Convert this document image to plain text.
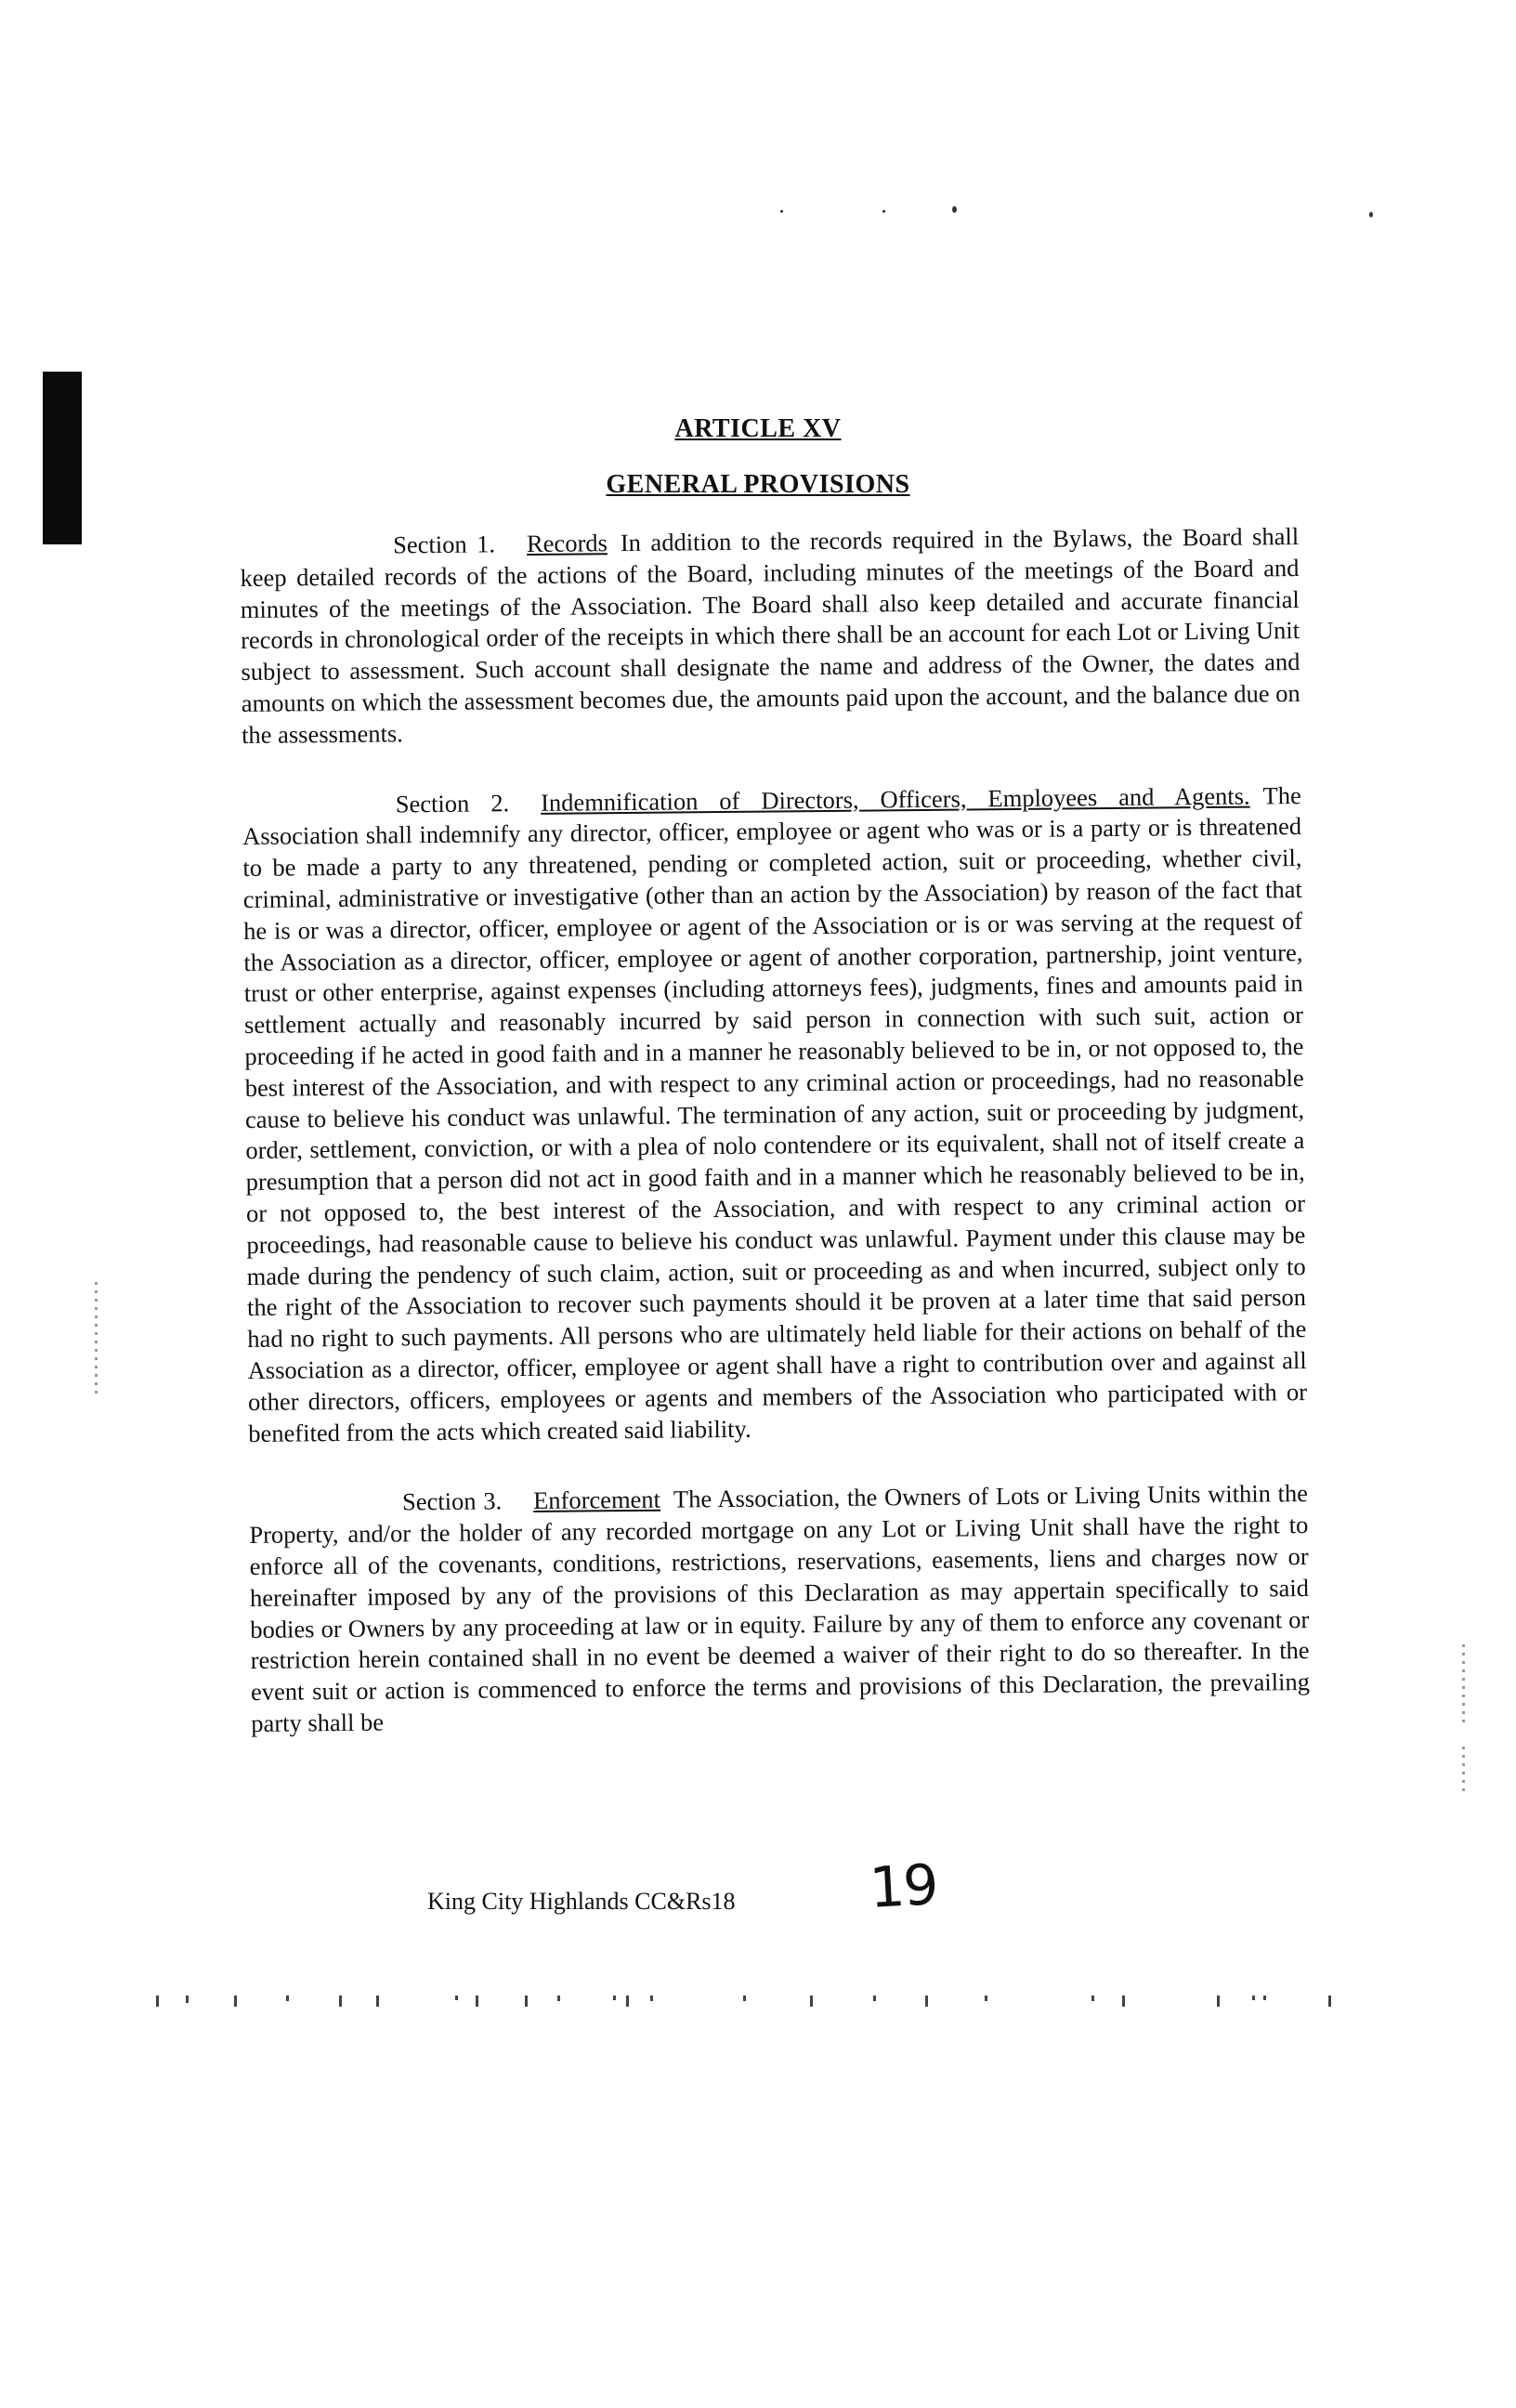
ARTICLE XV
GENERAL PROVISIONS

Section 1. Records In addition to the records required in the Bylaws, the Board shall keep detailed records of the actions of the Board, including minutes of the meetings of the Board and minutes of the meetings of the Association. The Board shall also keep detailed and accurate financial records in chronological order of the receipts in which there shall be an account for each Lot or Living Unit subject to assessment. Such account shall designate the name and address of the Owner, the dates and amounts on which the assessment becomes due, the amounts paid upon the account, and the balance due on the assessments.

Section 2. Indemnification of Directors, Officers, Employees and Agents. The Association shall indemnify any director, officer, employee or agent who was or is a party or is threatened to be made a party to any threatened, pending or completed action, suit or proceeding, whether civil, criminal, administrative or investigative (other than an action by the Association) by reason of the fact that he is or was a director, officer, employee or agent of the Association or is or was serving at the request of the Association as a director, officer, employee or agent of another corporation, partnership, joint venture, trust or other enterprise, against expenses (including attorneys fees), judgments, fines and amounts paid in settlement actually and reasonably incurred by said person in connection with such suit, action or proceeding if he acted in good faith and in a manner he reasonably believed to be in, or not opposed to, the best interest of the Association, and with respect to any criminal action or proceedings, had no reasonable cause to believe his conduct was unlawful. The termination of any action, suit or proceeding by judgment, order, settlement, conviction, or with a plea of nolo contendere or its equivalent, shall not of itself create a presumption that a person did not act in good faith and in a manner which he reasonably believed to be in, or not opposed to, the best interest of the Association, and with respect to any criminal action or proceedings, had reasonable cause to believe his conduct was unlawful. Payment under this clause may be made during the pendency of such claim, action, suit or proceeding as and when incurred, subject only to the right of the Association to recover such payments should it be proven at a later time that said person had no right to such payments. All persons who are ultimately held liable for their actions on behalf of the Association as a director, officer, employee or agent shall have a right to contribution over and against all other directors, officers, employees or agents and members of the Association who participated with or benefited from the acts which created said liability.

Section 3. Enforcement The Association, the Owners of Lots or Living Units within the Property, and/or the holder of any recorded mortgage on any Lot or Living Unit shall have the right to enforce all of the covenants, conditions, restrictions, reservations, easements, liens and charges now or hereinafter imposed by any of the provisions of this Declaration as may appertain specifically to said bodies or Owners by any proceeding at law or in equity. Failure by any of them to enforce any covenant or restriction herein contained shall in no event be deemed a waiver of their right to do so thereafter. In the event suit or action is commenced to enforce the terms and provisions of this Declaration, the prevailing party shall be

King City Highlands CC&Rs18 19
